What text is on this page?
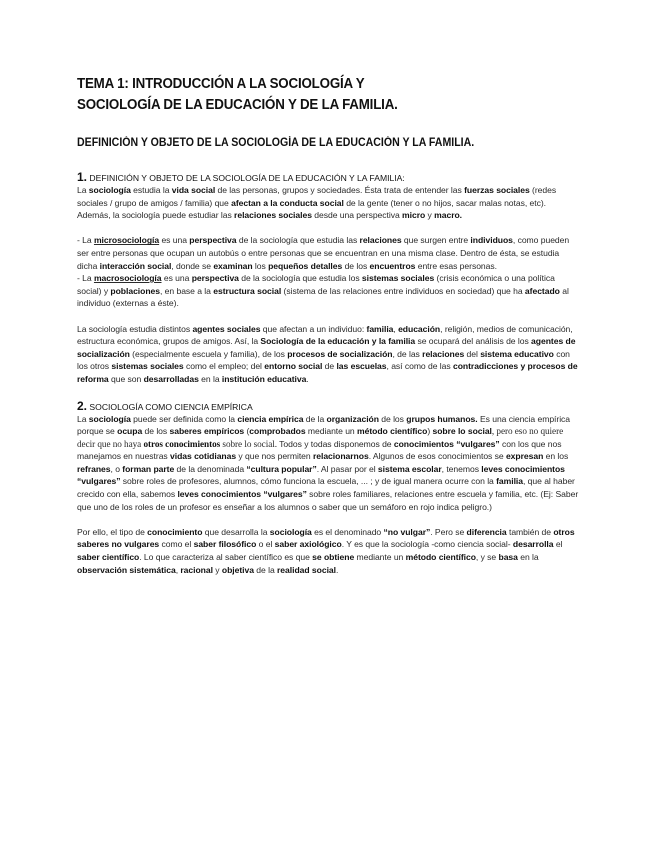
TEMA 1: INTRODUCCIÓN A LA SOCIOLOGÍA Y
SOCIOLOGÍA DE LA EDUCACIÓN Y DE LA FAMILIA.
DEFINICIÓN Y OBJETO DE LA SOCIOLOGÍA DE LA EDUCACIÓN Y LA FAMILIA.
1. DEFINICIÓN Y OBJETO DE LA SOCIOLOGÍA DE LA EDUCACIÓN Y LA FAMILIA:

La sociología estudia la vida social de las personas, grupos y sociedades. Ésta trata de entender las fuerzas sociales (redes sociales / grupo de amigos / familia) que afectan a la conducta social de la gente (tener o no hijos, sacar malas notas, etc). Además, la sociología puede estudiar las relaciones sociales desde una perspectiva micro y macro.

- La microsociología es una perspectiva de la sociología que estudia las relaciones que surgen entre individuos, como pueden ser entre personas que ocupan un autobús o entre personas que se encuentran en una misma clase. Dentro de ésta, se estudia dicha interacción social, donde se examinan los pequeños detalles de los encuentros entre esas personas.

- La macrosociología es una perspectiva de la sociología que estudia los sistemas sociales (crisis económica o una política social) y poblaciones, en base a la estructura social (sistema de las relaciones entre individuos en sociedad) que ha afectado al individuo (externas a éste).

La sociología estudia distintos agentes sociales que afectan a un individuo: familia, educación, religión, medios de comunicación, estructura económica, grupos de amigos. Así, la Sociología de la educación y la familia se ocupará del análisis de los agentes de socialización (especialmente escuela y familia), de los procesos de socialización, de las relaciones del sistema educativo con los otros sistemas sociales como el empleo; del entorno social de las escuelas, así como de las contradicciones y procesos de reforma que son desarrolladas en la institución educativa.

2. SOCIOLOGÍA COMO CIENCIA EMPÍRICA

La sociología puede ser definida como la ciencia empírica de la organización de los grupos humanos. Es una ciencia empírica porque se ocupa de los saberes empíricos (comprobados mediante un método científico) sobre lo social, pero eso no quiere decir que no haya otros conocimientos sobre lo social. Todos y todas disponemos de conocimientos “vulgares” con los que nos manejamos en nuestras vidas cotidianas y que nos permiten relacionarnos. Algunos de esos conocimientos se expresan en los refranes, o forman parte de la denominada “cultura popular”. Al pasar por el sistema escolar, tenemos leves conocimientos “vulgares” sobre roles de profesores, alumnos, cómo funciona la escuela, ... ; y de igual manera ocurre con la familia, que al haber crecido con ella, sabemos leves conocimientos “vulgares” sobre roles familiares, relaciones entre escuela y familia, etc. (Ej: Saber que uno de los roles de un profesor es enseñar a los alumnos o saber que un semáforo en rojo indica peligro.)

Por ello, el tipo de conocimiento que desarrolla la sociología es el denominado “no vulgar”. Pero se diferencia también de otros saberes no vulgares como el saber filosófico o el saber axiológico. Y es que la sociología -como ciencia social- desarrolla el saber científico. Lo que caracteriza al saber científico es que se obtiene mediante un método científico, y se basa en la observación sistemática, racional y objetiva de la realidad social.
